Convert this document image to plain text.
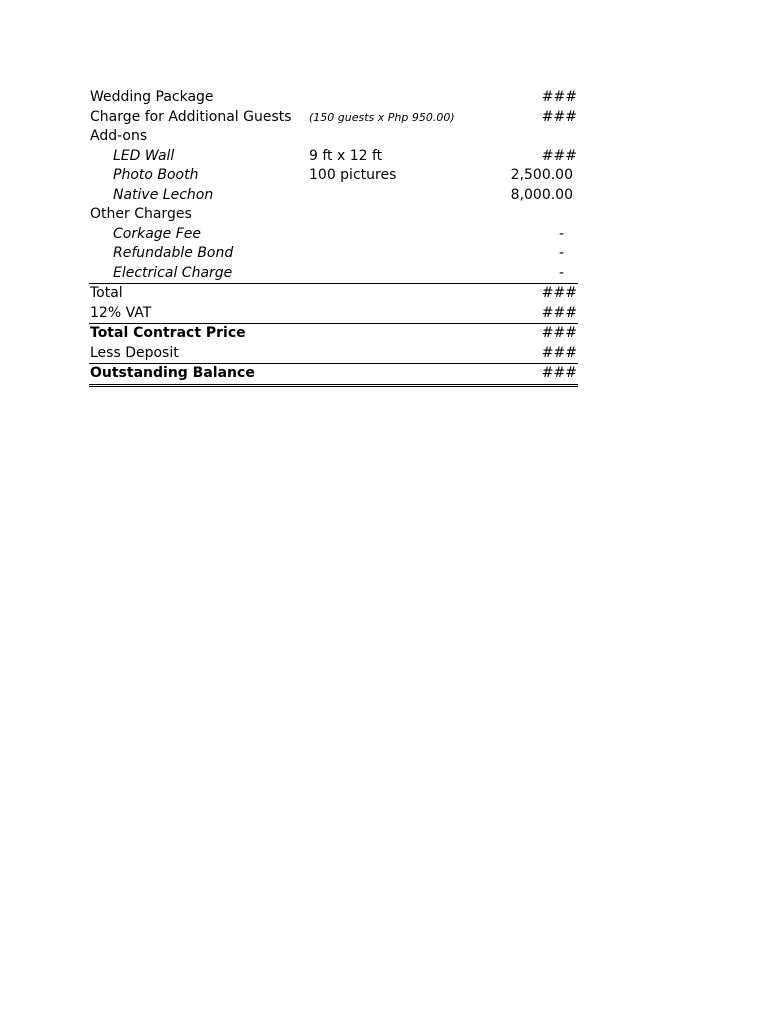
Wedding Package	###
Charge for Additional Guests (150 guests x Php 950.00)	###
Add-ons
LED Wall	9 ft x 12 ft	###
Photo Booth	100 pictures	2,500.00
Native Lechon	8,000.00
Other Charges
Corkage Fee	-
Refundable Bond	-
Electrical Charge	-
Total	###
12% VAT	###
Total Contract Price	###
Less Deposit	###
Outstanding Balance	###
